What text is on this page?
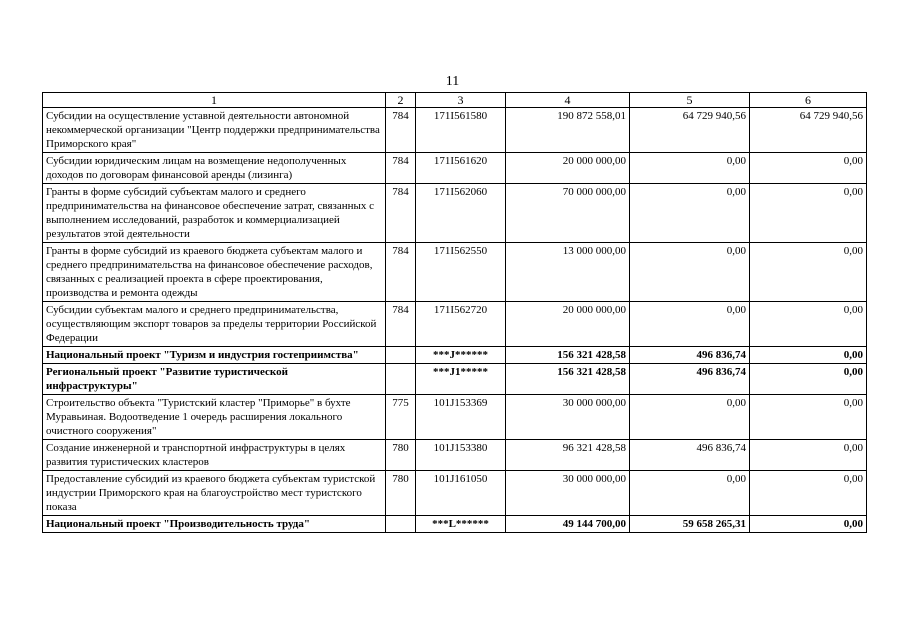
11
1	2	3	4	5	6
Субсидии на осуществление уставной деятельности автономной некоммерческой организации "Центр поддержки предпринимательства Приморского края"	784	171I561580	190 872 558,01	64 729 940,56	64 729 940,56
Субсидии юридическим лицам на возмещение недополученных доходов по договорам финансовой аренды (лизинга)	784	171I561620	20 000 000,00	0,00	0,00
Гранты в форме субсидий субъектам малого и среднего предпринимательства на финансовое обеспечение затрат, связанных с выполнением исследований, разработок и коммерциализацией результатов этой деятельности	784	171I562060	70 000 000,00	0,00	0,00
Гранты в форме субсидий из краевого бюджета субъектам малого и среднего предпринимательства на финансовое обеспечение расходов, связанных с реализацией проекта в сфере проектирования, производства и ремонта одежды	784	171I562550	13 000 000,00	0,00	0,00
Субсидии субъектам малого и среднего предпринимательства, осуществляющим экспорт товаров за пределы территории Российской Федерации	784	171I562720	20 000 000,00	0,00	0,00
Национальный проект "Туризм и индустрия гостеприимства"		***J******	156 321 428,58	496 836,74	0,00
Региональный проект "Развитие туристической инфраструктуры"		***J1*****	156 321 428,58	496 836,74	0,00
Строительство объекта "Туристский кластер "Приморье" в бухте Муравьиная. Водоотведение 1 очередь расширения локального очистного сооружения"	775	101J153369	30 000 000,00	0,00	0,00
Создание инженерной и транспортной инфраструктуры в целях развития туристических кластеров	780	101J153380	96 321 428,58	496 836,74	0,00
Предоставление субсидий из краевого бюджета субъектам туристской индустрии Приморского края на благоустройство мест туристского показа	780	101J161050	30 000 000,00	0,00	0,00
Национальный проект "Производительность труда"		***L******	49 144 700,00	59 658 265,31	0,00
